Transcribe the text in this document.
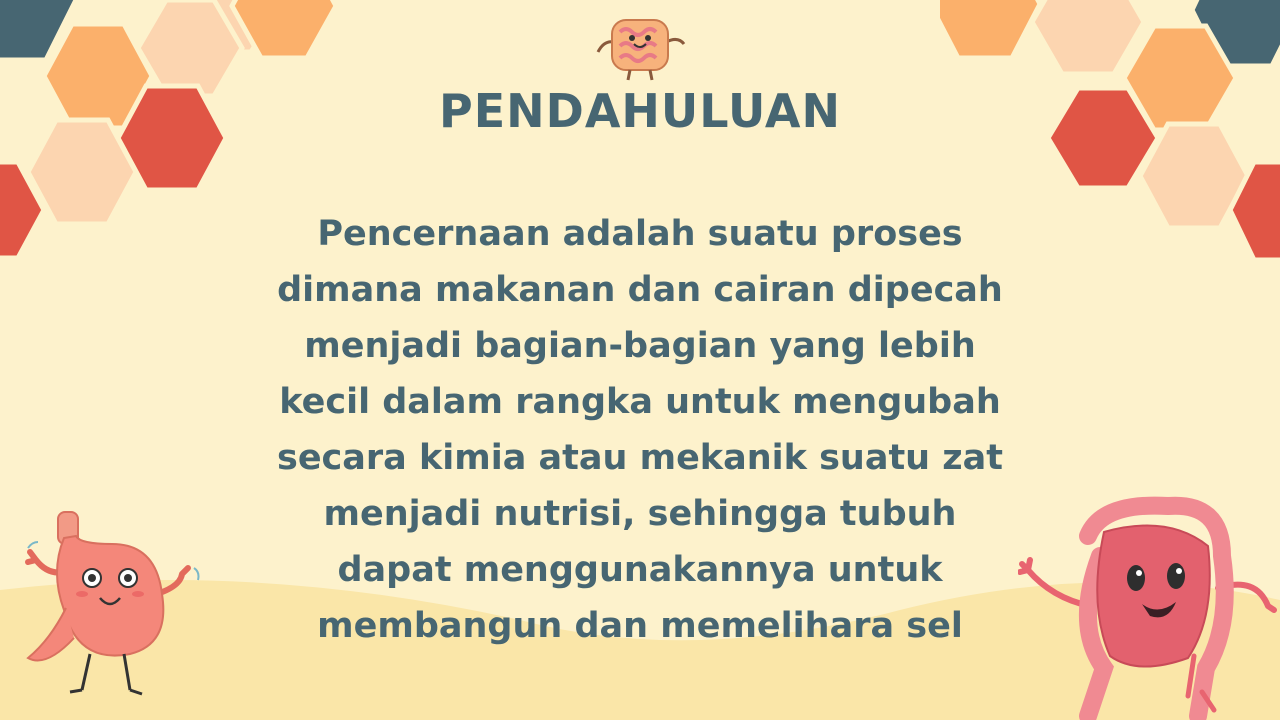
PENDAHULUAN

Pencernaan adalah suatu proses
dimana makanan dan cairan dipecah
menjadi bagian-bagian yang lebih
kecil dalam rangka untuk mengubah
secara kimia atau mekanik suatu zat
menjadi nutrisi, sehingga tubuh
dapat menggunakannya untuk
membangun dan memelihara sel
